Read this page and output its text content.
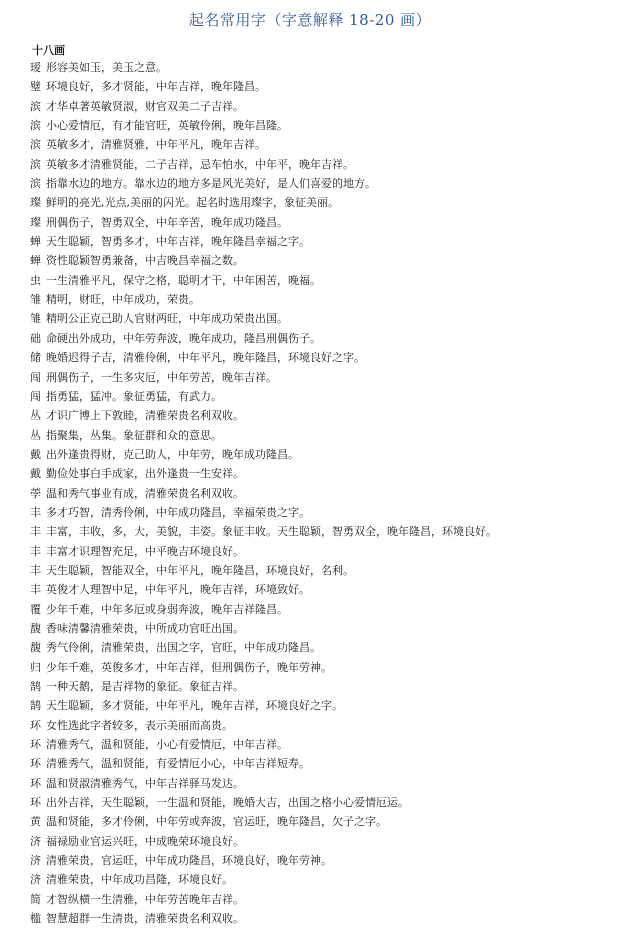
起名常用字（字意解释 18-20 画）
十八画
瑷 形容美如玉，美玉之意。
璧 环境良好，多才贤能，中年吉祥，晚年隆昌。
滨 才华卓著英敏贤淑，财官双美二子吉祥。
滨 小心爱情厄，有才能官旺，英敏伶俐，晚年昌隆。
滨 英敏多才，清雅贤雅，中年平凡，晚年吉祥。
滨 英敏多才清雅贤能，二子吉祥，忌车怕水，中年平，晚年吉祥。
滨 指靠水边的地方。靠水边的地方多是风光美好，是人们喜爱的地方。
璨 鲜明的亮光,光点,美丽的闪光。起名时选用璨字，象征美丽。
璨 刑偶伤子，智勇双全，中年辛苦，晚年成功隆昌。
蝉 天生聪颖，智勇多才，中年吉祥，晚年隆昌幸福之字。
蝉 资性聪颖智勇兼备，中吉晚昌幸福之数。
虫 一生清雅平凡，保守之格，聪明才干，中年困苦，晚福。
雏 精明，财旺，中年成功，荣贵。
雏 精明公正克己助人官财两旺，中年成功荣贵出国。
础 命硬出外成功，中年劳奔波，晚年成功，隆昌刑偶伤子。
储 晚婚迟得子吉，清雅伶俐，中年平凡，晚年隆昌，环境良好之字。
闯 刑偶伤子，一生多灾厄，中年劳苦，晚年吉祥。
闯 指勇猛，猛冲。象征勇猛，有武力。
丛 才识广博上下敦睦，清雅荣贵名利双收。
丛 指聚集，丛集。象征群和众的意思。
戴 出外逢贵得财，克己助人，中年劳，晚年成功隆昌。
戴 勤俭处事白手成家，出外逢贵一生安祥。
荸 温和秀气事业有成，清雅荣贵名利双收。
丰 多才巧智，清秀伶俐，中年成功隆昌，幸福荣贵之字。
丰 丰富，丰收，多，大，美貌，丰姿。象征丰收。天生聪颖，智勇双全，晚年隆昌，环境良好。
丰 丰富才识理智充足，中平晚吉环境良好。
丰 天生聪颖，智能双全，中年平凡，晚年隆昌，环境良好，名利。
丰 英俊才人理智中足，中年平凡，晚年吉祥，环境致好。
覆 少年千难，中年多厄或身弱奔波，晚年吉祥隆昌。
馥 香味清馨清雅荣贵，中所成功官旺出国。
馥 秀气伶俐，清雅荣贵，出国之字，官旺，中年成功隆昌。
归 少年千难，英俊多才，中年吉祥，但刑偶伤子，晚年劳神。
鹄 一种天鹅，是吉祥物的象征。象征吉祥。
鹄 天生聪颖，多才贤能，中年平凡，晚年吉祥，环境良好之字。
环 女性选此字者较多，表示美丽而高贵。
环 清雅秀气，温和贤能，小心有爱情厄，中年吉祥。
环 清雅秀气，温和贤能，有爱情厄小心，中年吉祥短寿。
环 温和贤淑清雅秀气，中年吉祥驿马发达。
环 出外吉祥，天生聪颖，一生温和贤能，晚婚大吉，出国之格小心爱情厄运。
黄 温和贤能，多才伶俐，中年劳或奔波，官运旺，晚年隆昌，欠子之字。
济 福禄励业官运兴旺，中成晚荣环境良好。
济 清雅荣贵，官运旺，中年成功隆昌，环境良好，晚年劳神。
济 清雅荣贵，中年成功昌隆，环境良好。
简 才智纵横一生清雅，中年劳苦晚年吉祥。
槛 智慧超群一生清贵，清雅荣贵名利双收。
